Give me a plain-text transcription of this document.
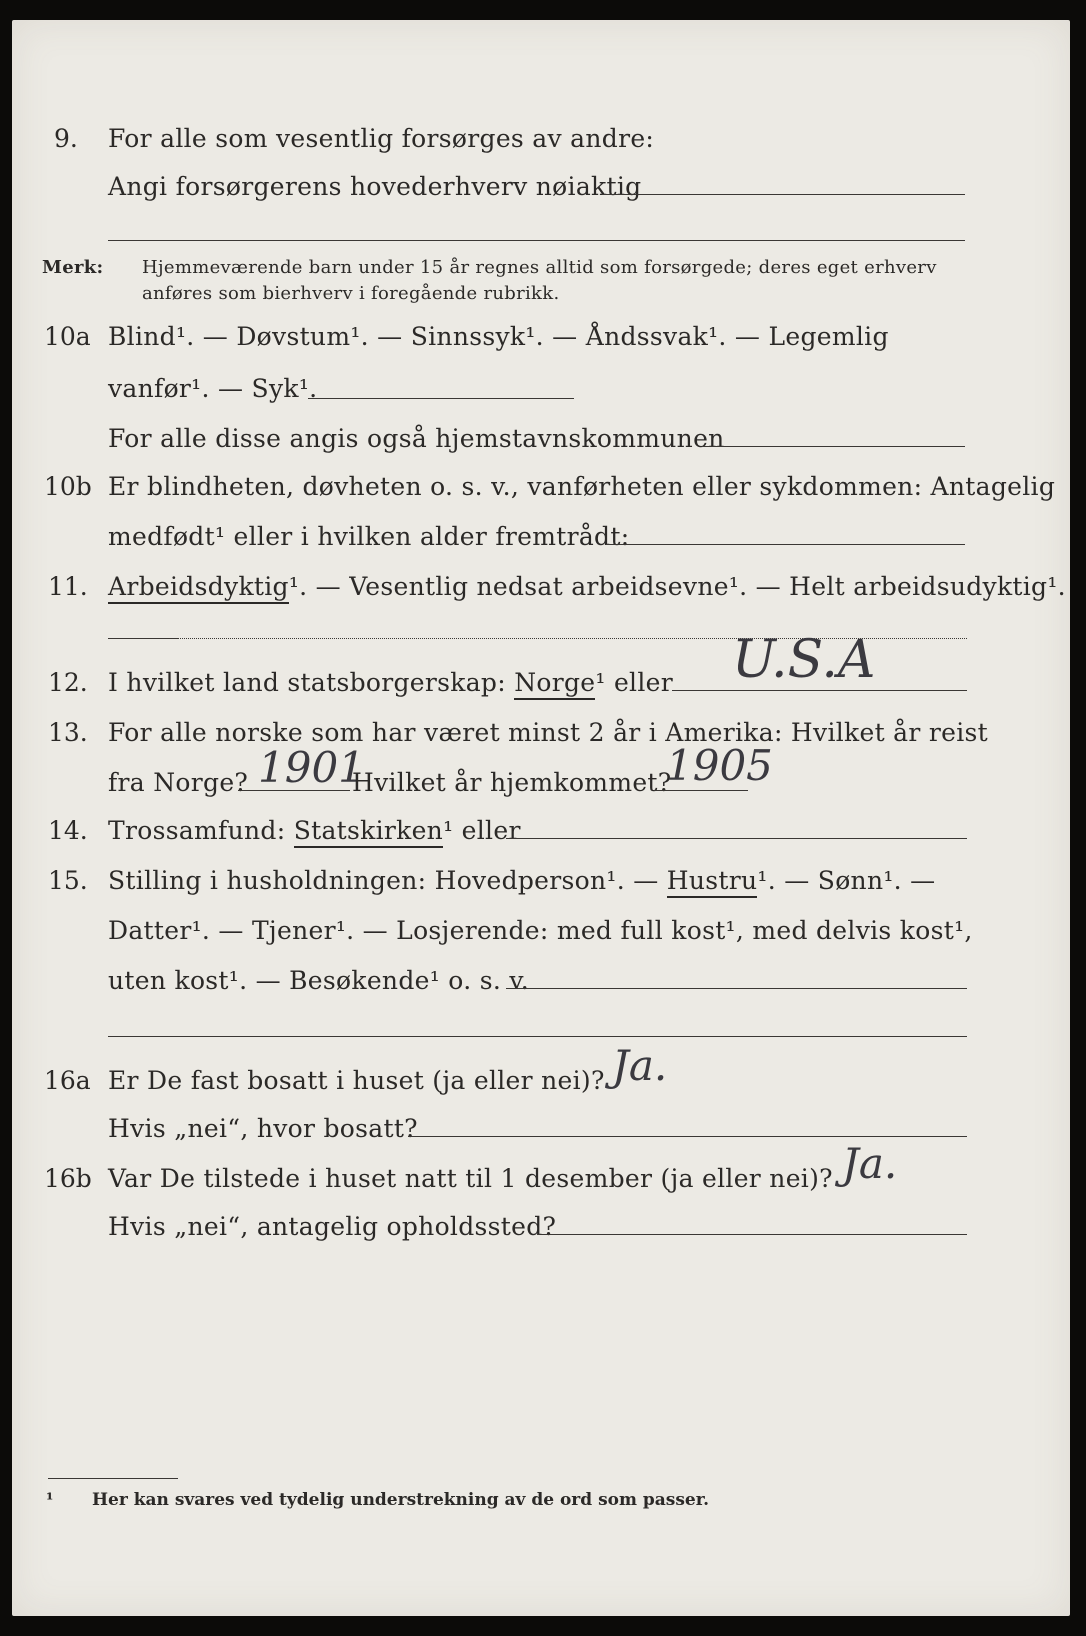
9. For alle som vesentlig forsørges av andre:
Angi forsørgerens hovederhverv nøiaktig
Merk: Hjemmeværende barn under 15 år regnes alltid som forsørgede; deres eget erhverv
anføres som bierhverv i foregående rubrikk.
10a Blind¹. — Døvstum¹. — Sinnssyk¹. — Åndssvak¹. — Legemlig
vanfør¹. — Syk¹.
For alle disse angis også hjemstavnskommunen
10b Er blindheten, døvheten o. s. v., vanførheten eller sykdommen: Antagelig
medfødt¹ eller i hvilken alder fremtrådt:
11. Arbeidsdyktig¹. — Vesentlig nedsat arbeidsevne¹. — Helt arbeidsudyktig¹.
12. I hvilket land statsborgerskap: Norge¹ eller U.S.A
13. For alle norske som har været minst 2 år i Amerika: Hvilket år reist
fra Norge? 1901
Hvilket år hjemkommet?
1905
14. Trossamfund: Statskirken¹ eller
15. Stilling i husholdningen: Hovedperson¹. — Hustru¹. — Sønn¹. —
Datter¹. — Tjener¹. — Losjerende: med full kost¹, med delvis kost¹,
uten kost¹. — Besøkende¹ o. s. v.
16a Er De fast bosatt i huset (ja eller nei)? Ja.
Hvis „nei“, hvor bosatt?
16b Var De tilstede i huset natt til 1 desember (ja eller nei)? Ja.
Hvis „nei“, antagelig opholdssted?
¹ Her kan svares ved tydelig understrekning av de ord som passer.
